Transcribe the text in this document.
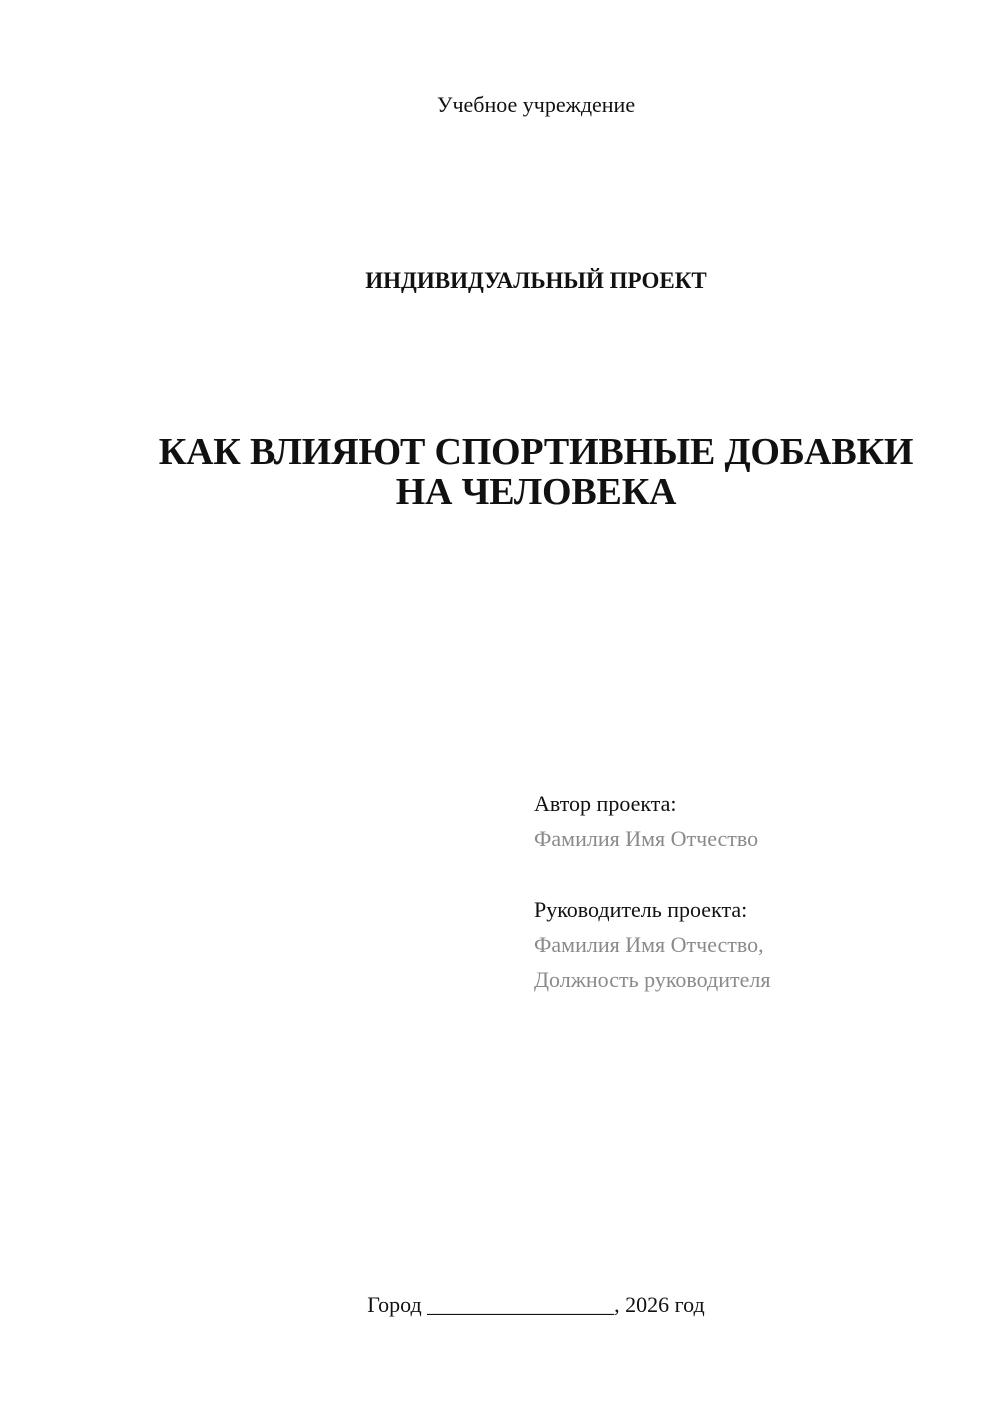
Учебное учреждение
ИНДИВИДУАЛЬНЫЙ ПРОЕКТ
КАК ВЛИЯЮТ СПОРТИВНЫЕ ДОБАВКИ
НА ЧЕЛОВЕКА
Автор проекта:
Фамилия Имя Отчество
Руководитель проекта:
Фамилия Имя Отчество,
Должность руководителя
Город _________________, 2026 год
